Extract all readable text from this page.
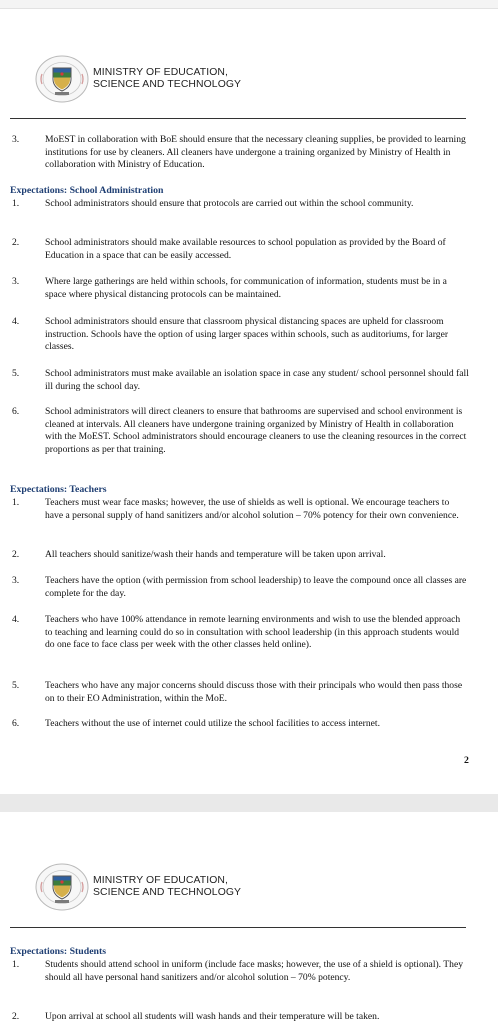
MINISTRY OF EDUCATION,
SCIENCE AND TECHNOLOGY
3.	MoEST in collaboration with BoE should ensure that the necessary cleaning supplies, be provided to learning institutions for use by cleaners. All cleaners have undergone a training organized by Ministry of Health in collaboration with Ministry of Education.
Expectations: School Administration
1.	School administrators should ensure that protocols are carried out within the school community.
2.	School administrators should make available resources to school population as provided by the Board of Education in a space that can be easily accessed.
3.	Where large gatherings are held within schools, for communication of information, students must be in a space where physical distancing protocols can be maintained.
4.	School administrators should ensure that classroom physical distancing spaces are upheld for classroom instruction. Schools have the option of using larger spaces within schools, such as auditoriums, for larger classes.
5.	School administrators must make available an isolation space in case any student/ school personnel should fall ill during the school day.
6.	School administrators will direct cleaners to ensure that bathrooms are supervised and school environment is cleaned at intervals. All cleaners have undergone training organized by Ministry of Health in collaboration with the MoEST. School administrators should encourage cleaners to use the cleaning resources in the correct proportions as per that training.
Expectations: Teachers
1.	Teachers must wear face masks; however, the use of shields as well is optional. We encourage teachers to have a personal supply of hand sanitizers and/or alcohol solution – 70% potency for their own convenience.
2.	All teachers should sanitize/wash their hands and temperature will be taken upon arrival.
3.	Teachers have the option (with permission from school leadership) to leave the compound once all classes are complete for the day.
4.	Teachers who have 100% attendance in remote learning environments and wish to use the blended approach to teaching and learning could do so in consultation with school leadership (in this approach students would do one face to face class per week with the other classes held online).
5.	Teachers who have any major concerns should discuss those with their principals who would then pass those on to their EO Administration, within the MoE.
6.	Teachers without the use of internet could utilize the school facilities to access internet.
2
MINISTRY OF EDUCATION,
SCIENCE AND TECHNOLOGY
Expectations: Students
1.	Students should attend school in uniform (include face masks; however, the use of a shield is optional). They should all have personal hand sanitizers and/or alcohol solution – 70% potency.
2.	Upon arrival at school all students will wash hands and their temperature will be taken.
